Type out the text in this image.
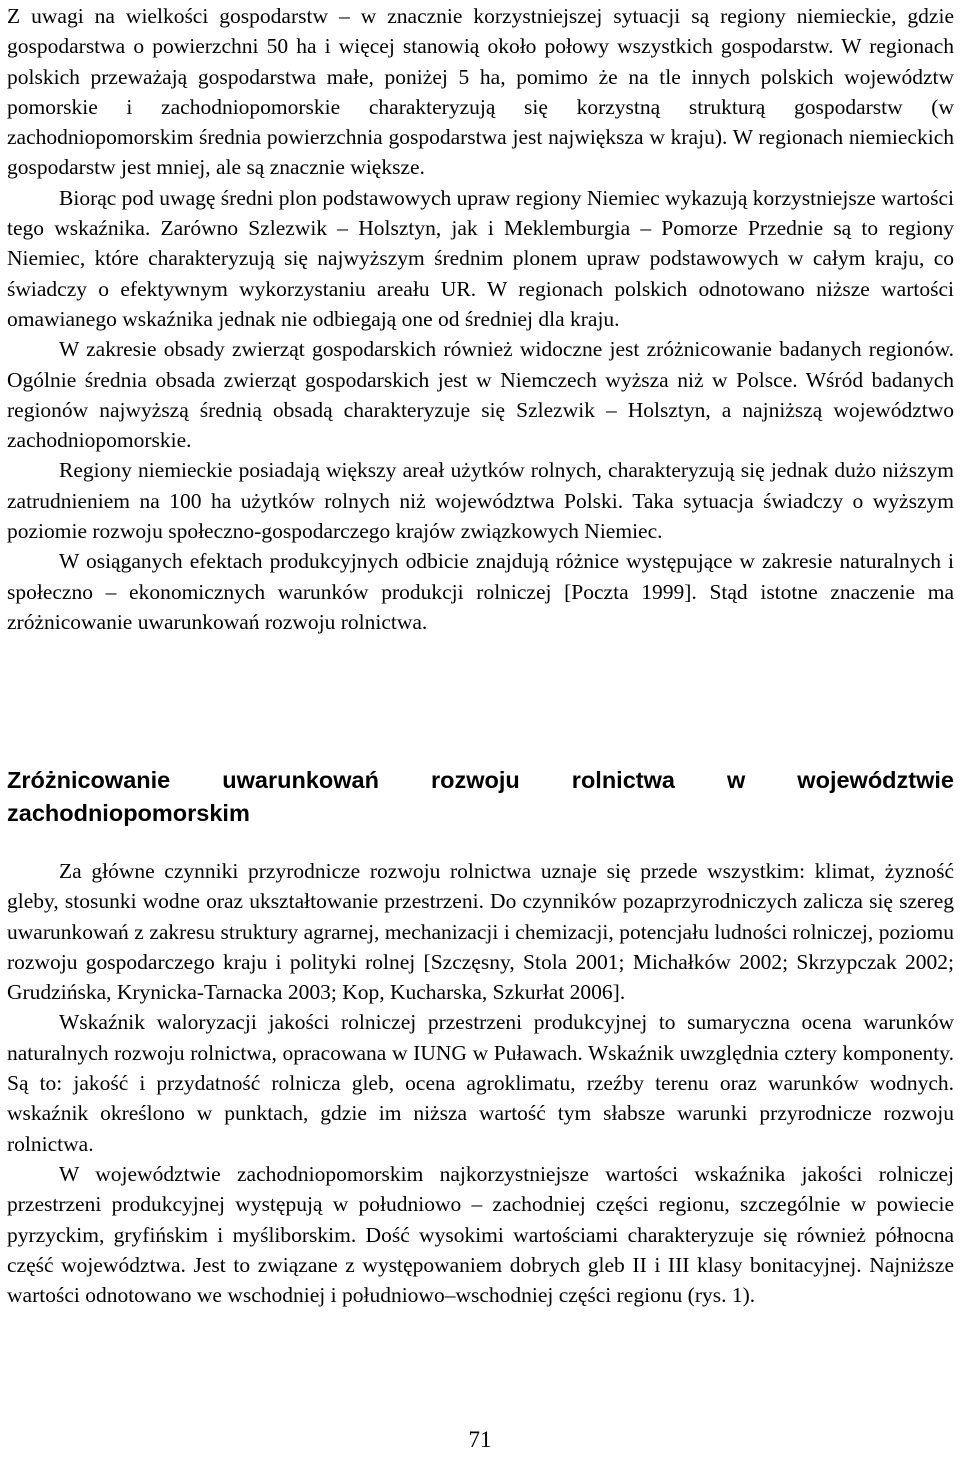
Z uwagi na wielkości gospodarstw – w znacznie korzystniejszej sytuacji są regiony niemieckie, gdzie gospodarstwa o powierzchni 50 ha i więcej stanowią około połowy wszystkich gospodarstw. W regionach polskich przeważają gospodarstwa małe, poniżej 5 ha, pomimo że na tle innych polskich województw pomorskie i zachodniopomorskie charakteryzują się korzystną strukturą gospodarstw (w zachodniopomorskim średnia powierzchnia gospodarstwa jest największa w kraju). W regionach niemieckich gospodarstw jest mniej, ale są znacznie większe.

Biorąc pod uwagę średni plon podstawowych upraw regiony Niemiec wykazują korzystniejsze wartości tego wskaźnika. Zarówno Szlezwik – Holsztyn, jak i Meklemburgia – Pomorze Przednie są to regiony Niemiec, które charakteryzują się najwyższym średnim plonem upraw podstawowych w całym kraju, co świadczy o efektywnym wykorzystaniu areału UR. W regionach polskich odnotowano niższe wartości omawianego wskaźnika jednak nie odbiegają one od średniej dla kraju.

W zakresie obsady zwierząt gospodarskich również widoczne jest zróżnicowanie badanych regionów. Ogólnie średnia obsada zwierząt gospodarskich jest w Niemczech wyższa niż w Polsce. Wśród badanych regionów najwyższą średnią obsadą charakteryzuje się Szlezwik – Holsztyn, a najniższą województwo zachodniopomorskie.

Regiony niemieckie posiadają większy areał użytków rolnych, charakteryzują się jednak dużo niższym zatrudnieniem na 100 ha użytków rolnych niż województwa Polski. Taka sytuacja świadczy o wyższym poziomie rozwoju społeczno-gospodarczego krajów związkowych Niemiec.

W osiąganych efektach produkcyjnych odbicie znajdują różnice występujące w zakresie naturalnych i społeczno – ekonomicznych warunków produkcji rolniczej [Poczta 1999]. Stąd istotne znaczenie ma zróżnicowanie uwarunkowań rozwoju rolnictwa.

Zróżnicowanie uwarunkowań rozwoju rolnictwa w województwie zachodniopomorskim

Za główne czynniki przyrodnicze rozwoju rolnictwa uznaje się przede wszystkim: klimat, żyzność gleby, stosunki wodne oraz ukształtowanie przestrzeni. Do czynników pozaprzyrodniczych zalicza się szereg uwarunkowań z zakresu struktury agrarnej, mechanizacji i chemizacji, potencjału ludności rolniczej, poziomu rozwoju gospodarczego kraju i polityki rolnej [Szczęsny, Stola 2001; Michałków 2002; Skrzypczak 2002; Grudzińska, Krynicka-Tarnacka 2003; Kop, Kucharska, Szkurłat 2006].

Wskaźnik waloryzacji jakości rolniczej przestrzeni produkcyjnej to sumaryczna ocena warunków naturalnych rozwoju rolnictwa, opracowana w IUNG w Puławach. Wskaźnik uwzględnia cztery komponenty. Są to: jakość i przydatność rolnicza gleb, ocena agroklimatu, rzeźby terenu oraz warunków wodnych. wskaźnik określono w punktach, gdzie im niższa wartość tym słabsze warunki przyrodnicze rozwoju rolnictwa.

W województwie zachodniopomorskim najkorzystniejsze wartości wskaźnika jakości rolniczej przestrzeni produkcyjnej występują w południowo – zachodniej części regionu, szczególnie w powiecie pyrzyckim, gryfińskim i myśliborskim. Dość wysokimi wartościami charakteryzuje się również północna część województwa. Jest to związane z występowaniem dobrych gleb II i III klasy bonitacyjnej. Najniższe wartości odnotowano we wschodniej i południowo–wschodniej części regionu (rys. 1).

71
